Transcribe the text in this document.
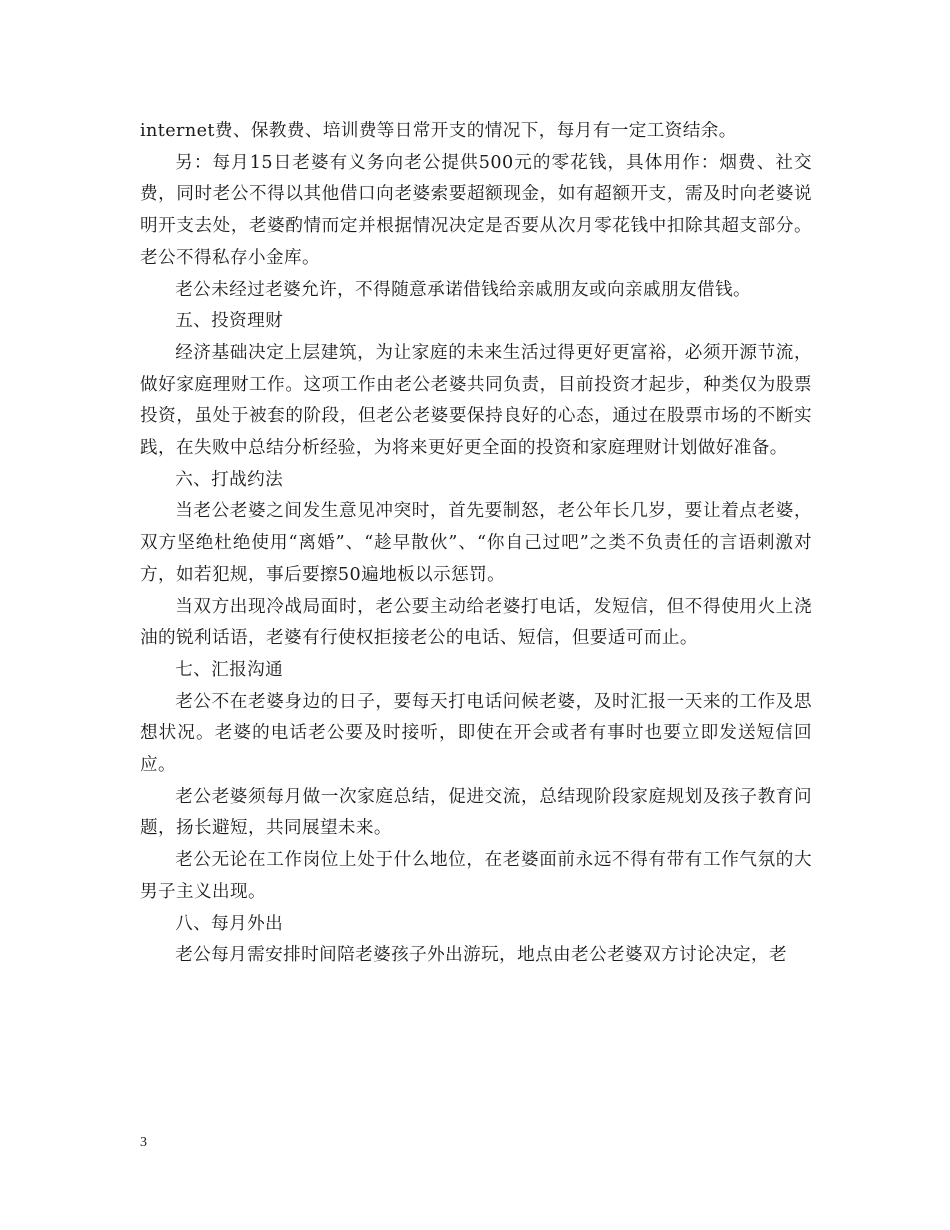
internet费、保教费、培训费等日常开支的情况下，每月有一定工资结余。

另：每月15日老婆有义务向老公提供500元的零花钱，具体用作：烟费、社交费，同时老公不得以其他借口向老婆索要超额现金，如有超额开支，需及时向老婆说明开支去处，老婆酌情而定并根据情况决定是否要从次月零花钱中扣除其超支部分。老公不得私存小金库。

老公未经过老婆允许，不得随意承诺借钱给亲戚朋友或向亲戚朋友借钱。

五、投资理财

经济基础决定上层建筑，为让家庭的未来生活过得更好更富裕，必须开源节流，做好家庭理财工作。这项工作由老公老婆共同负责，目前投资才起步，种类仅为股票投资，虽处于被套的阶段，但老公老婆要保持良好的心态，通过在股票市场的不断实践，在失败中总结分析经验，为将来更好更全面的投资和家庭理财计划做好准备。

六、打战约法

当老公老婆之间发生意见冲突时，首先要制怒，老公年长几岁，要让着点老婆，双方坚绝杜绝使用“离婚”、“趁早散伙”、“你自己过吧”之类不负责任的言语刺激对方，如若犯规，事后要擦50遍地板以示惩罚。

当双方出现冷战局面时，老公要主动给老婆打电话，发短信，但不得使用火上浇油的锐利话语，老婆有行使权拒接老公的电话、短信，但要适可而止。

七、汇报沟通

老公不在老婆身边的日子，要每天打电话问候老婆，及时汇报一天来的工作及思想状况。老婆的电话老公要及时接听，即使在开会或者有事时也要立即发送短信回应。

老公老婆须每月做一次家庭总结，促进交流，总结现阶段家庭规划及孩子教育问题，扬长避短，共同展望未来。

老公无论在工作岗位上处于什么地位，在老婆面前永远不得有带有工作气氛的大男子主义出现。

八、每月外出

老公每月需安排时间陪老婆孩子外出游玩，地点由老公老婆双方讨论决定，老

3
